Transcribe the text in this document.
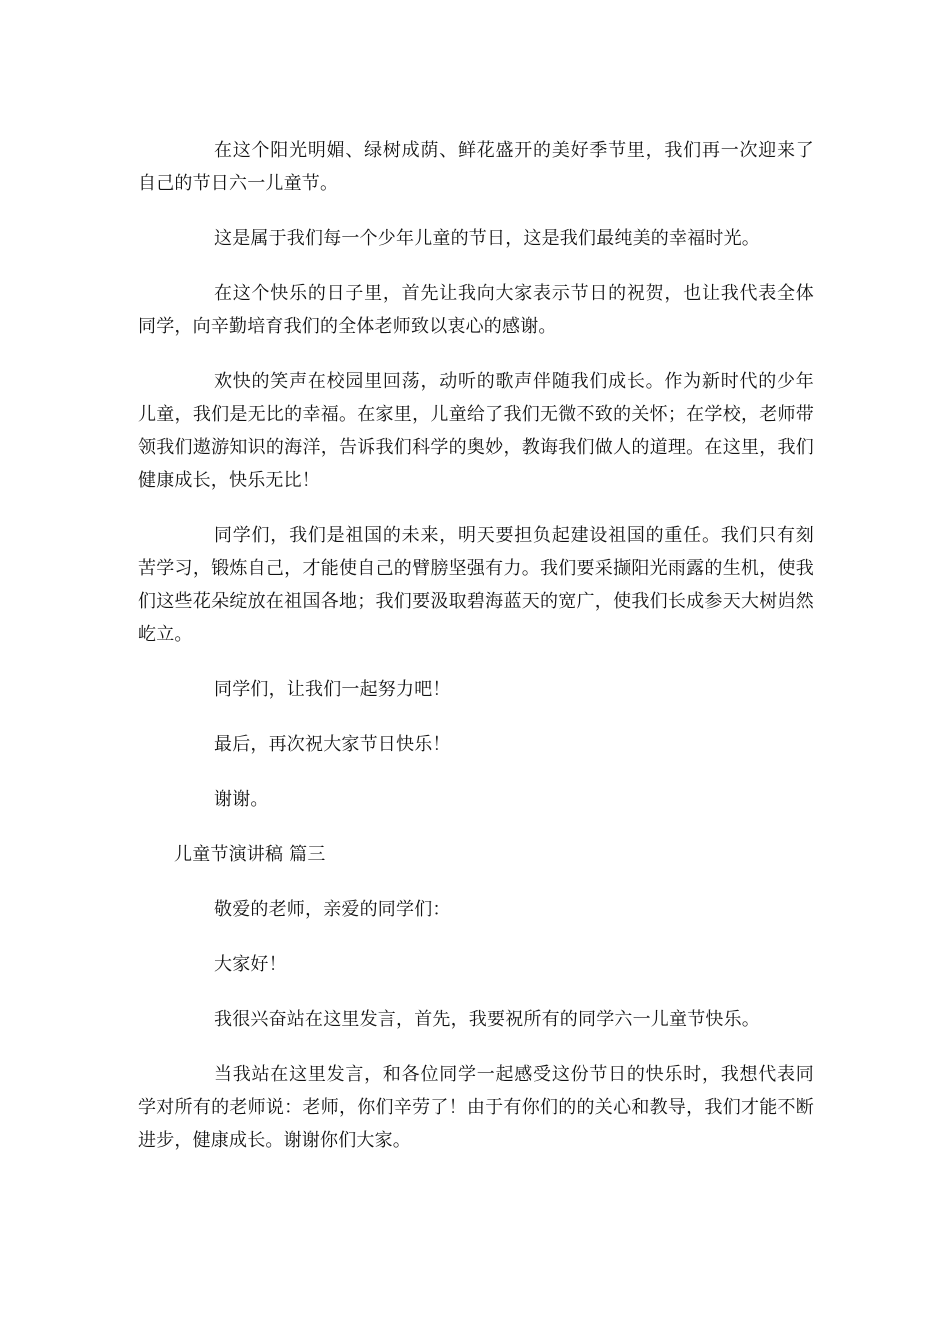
在这个阳光明媚、绿树成荫、鲜花盛开的美好季节里，我们再一次迎来了自己的节日六一儿童节。

这是属于我们每一个少年儿童的节日，这是我们最纯美的幸福时光。

在这个快乐的日子里，首先让我向大家表示节日的祝贺，也让我代表全体同学，向辛勤培育我们的全体老师致以衷心的感谢。

欢快的笑声在校园里回荡，动听的歌声伴随我们成长。作为新时代的少年儿童，我们是无比的幸福。在家里，儿童给了我们无微不致的关怀；在学校，老师带领我们遨游知识的海洋，告诉我们科学的奥妙，教诲我们做人的道理。在这里，我们健康成长，快乐无比！

同学们，我们是祖国的未来，明天要担负起建设祖国的重任。我们只有刻苦学习，锻炼自己，才能使自己的臂膀坚强有力。我们要采撷阳光雨露的生机，使我们这些花朵绽放在祖国各地；我们要汲取碧海蓝天的宽广，使我们长成参天大树岿然屹立。

同学们，让我们一起努力吧！

最后，再次祝大家节日快乐！

谢谢。

儿童节演讲稿 篇三

敬爱的老师，亲爱的同学们：

大家好！

我很兴奋站在这里发言，首先，我要祝所有的同学六一儿童节快乐。

当我站在这里发言，和各位同学一起感受这份节日的快乐时，我想代表同学对所有的老师说：老师，你们辛劳了！由于有你们的的关心和教导，我们才能不断进步，健康成长。谢谢你们大家。
